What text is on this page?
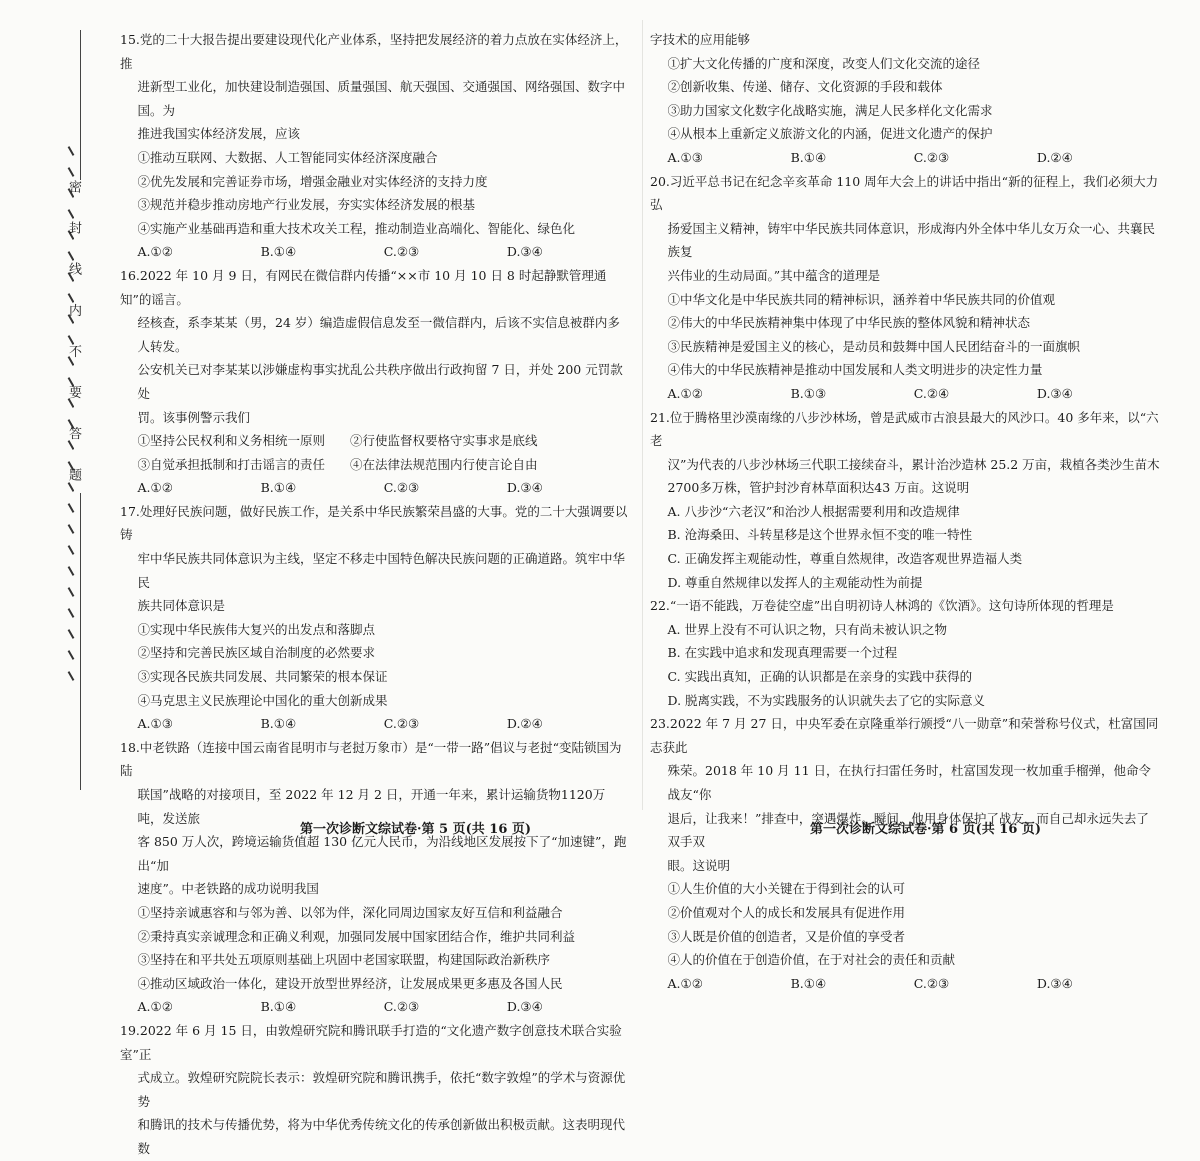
密 封 线 内 不 要 答 题
15.党的二十大报告提出要建设现代化产业体系，坚持把发展经济的着力点放在实体经济上，推
进新型工业化，加快建设制造强国、质量强国、航天强国、交通强国、网络强国、数字中国。为
推进我国实体经济发展，应该
①推动互联网、大数据、人工智能同实体经济深度融合
②优先发展和完善证券市场，增强金融业对实体经济的支持力度
③规范并稳步推动房地产行业发展，夯实实体经济发展的根基
④实施产业基础再造和重大技术攻关工程，推动制造业高端化、智能化、绿色化
A.①②	B.①④	C.②③	D.③④
16.2022 年 10 月 9 日，有网民在微信群内传播“××市 10 月 10 日 8 时起静默管理通知”的谣言。
经核查，系李某某（男，24 岁）编造虚假信息发至一微信群内，后该不实信息被群内多人转发。
公安机关已对李某某以涉嫌虚构事实扰乱公共秩序做出行政拘留 7 日，并处 200 元罚款处
罚。该事例警示我们
①坚持公民权利和义务相统一原则　　②行使监督权要格守实事求是底线
③自觉承担抵制和打击谣言的责任　　④在法律法规范围内行使言论自由
A.①②	B.①④	C.②③	D.③④
17.处理好民族问题，做好民族工作，是关系中华民族繁荣昌盛的大事。党的二十大强调要以铸
牢中华民族共同体意识为主线，坚定不移走中国特色解决民族问题的正确道路。筑牢中华民
族共同体意识是
①实现中华民族伟大复兴的出发点和落脚点
②坚持和完善民族区域自治制度的必然要求
③实现各民族共同发展、共同繁荣的根本保证
④马克思主义民族理论中国化的重大创新成果
A.①③	B.①④	C.②③	D.②④
18.中老铁路（连接中国云南省昆明市与老挝万象市）是“一带一路”倡议与老挝“变陆锁国为陆
联国”战略的对接项目，至 2022 年 12 月 2 日，开通一年来，累计运输货物1120万吨，发送旅
客 850 万人次，跨境运输货值超 130 亿元人民币，为沿线地区发展按下了“加速键”，跑出“加
速度”。中老铁路的成功说明我国
①坚持亲诚惠容和与邻为善、以邻为伴，深化同周边国家友好互信和利益融合
②秉持真实亲诚理念和正确义利观，加强同发展中国家团结合作，维护共同利益
③坚持在和平共处五项原则基础上巩固中老国家联盟，构建国际政治新秩序
④推动区域政治一体化，建设开放型世界经济，让发展成果更多惠及各国人民
A.①②	B.①④	C.②③	D.③④
19.2022 年 6 月 15 日，由敦煌研究院和腾讯联手打造的“文化遗产数字创意技术联合实验室”正
式成立。敦煌研究院院长表示：敦煌研究院和腾讯携手，依托“数字敦煌”的学术与资源优势
和腾讯的技术与传播优势，将为中华优秀传统文化的传承创新做出积极贡献。这表明现代数
字技术的应用能够
①扩大文化传播的广度和深度，改变人们文化交流的途径
②创新收集、传递、储存、文化资源的手段和载体
③助力国家文化数字化战略实施，满足人民多样化文化需求
④从根本上重新定义旅游文化的内涵，促进文化遗产的保护
A.①③	B.①④	C.②③	D.②④
20.习近平总书记在纪念辛亥革命 110 周年大会上的讲话中指出“新的征程上，我们必须大力弘
扬爱国主义精神，铸牢中华民族共同体意识，形成海内外全体中华儿女万众一心、共襄民族复
兴伟业的生动局面。”其中蕴含的道理是
①中华文化是中华民族共同的精神标识，涵养着中华民族共同的价值观
②伟大的中华民族精神集中体现了中华民族的整体风貌和精神状态
③民族精神是爱国主义的核心，是动员和鼓舞中国人民团结奋斗的一面旗帜
④伟大的中华民族精神是推动中国发展和人类文明进步的决定性力量
A.①②	B.①③	C.②④	D.③④
21.位于腾格里沙漠南缘的八步沙林场，曾是武威市古浪县最大的风沙口。40 多年来，以“六老
汉”为代表的八步沙林场三代职工接续奋斗，累计治沙造林 25.2 万亩，栽植各类沙生苗木
2700多万株，管护封沙育林草面积达43 万亩。这说明
A. 八步沙“六老汉”和治沙人根据需要利用和改造规律
B. 沧海桑田、斗转星移是这个世界永恒不变的唯一特性
C. 正确发挥主观能动性，尊重自然规律，改造客观世界造福人类
D. 尊重自然规律以发挥人的主观能动性为前提
22.“一语不能践，万卷徒空虚”出自明初诗人林鸿的《饮酒》。这句诗所体现的哲理是
A. 世界上没有不可认识之物，只有尚未被认识之物
B. 在实践中追求和发现真理需要一个过程
C. 实践出真知，正确的认识都是在亲身的实践中获得的
D. 脱离实践，不为实践服务的认识就失去了它的实际意义
23.2022 年 7 月 27 日，中央军委在京隆重举行颁授“八一勋章”和荣誉称号仪式，杜富国同志获此
殊荣。2018 年 10 月 11 日，在执行扫雷任务时，杜富国发现一枚加重手榴弹，他命令战友“你
退后，让我来！”排查中，突遇爆炸。瞬间，他用身体保护了战友，而自己却永远失去了双手双
眼。这说明
①人生价值的大小关键在于得到社会的认可
②价值观对个人的成长和发展具有促进作用
③人既是价值的创造者，又是价值的享受者
④人的价值在于创造价值，在于对社会的责任和贡献
A.①②	B.①④	C.②③	D.③④
第一次诊断文综试卷·第 5 页(共 16 页)	第一次诊断文综试卷·第 6 页(共 16 页)
